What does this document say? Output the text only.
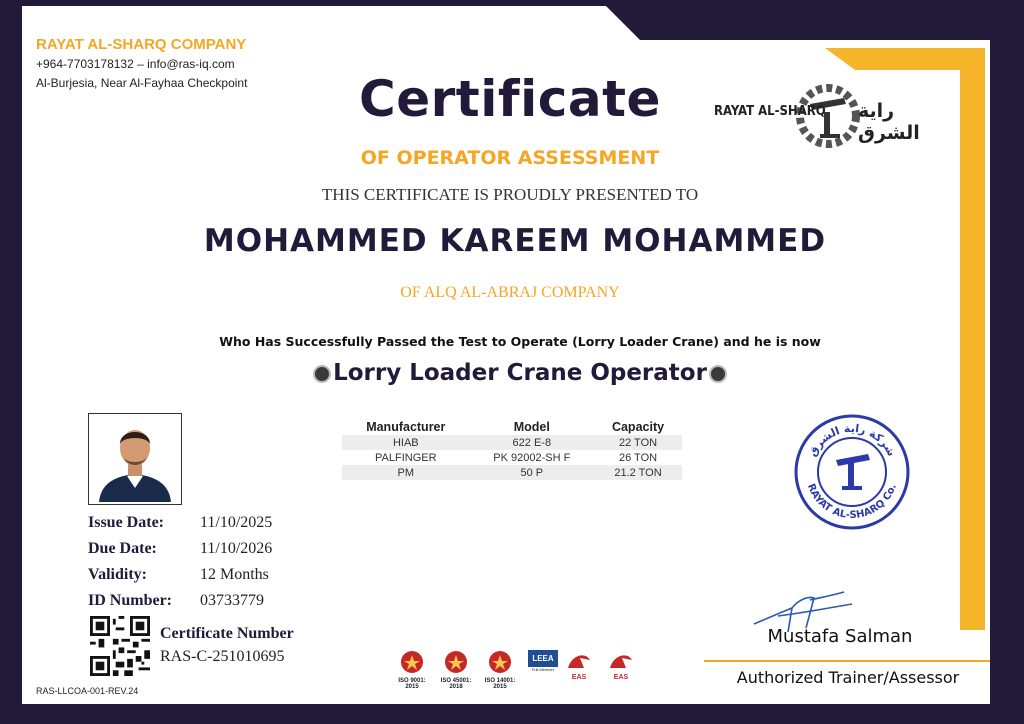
RAYAT AL-SHARQ COMPANY
+964-7703178132 – info@ras-iq.com
Al-Burjesia, Near Al-Fayhaa Checkpoint
RAYAT AL-SHARQ راية الشرق
Certificate
OF OPERATOR ASSESSMENT
THIS CERTIFICATE IS PROUDLY PRESENTED TO
MOHAMMED KAREEM MOHAMMED
OF ALQ AL-ABRAJ COMPANY
Who Has Successfully Passed the Test to Operate (Lorry Loader Crane) and he is now
Lorry Loader Crane Operator
Manufacturer	Model	Capacity
HIAB	622 E-8	22 TON
PALFINGER	PK 92002-SH F	26 TON
PM	50 P	21.2 TON
Issue Date: 11/10/2025
Due Date:	11/10/2026
Validity:	12 Months
ID Number: 03733779
Certificate Number
RAS-C-251010695
RAS-LLCOA-001-REV.24
ISO 9001:
2015
ISO 45001:
2018
ISO 14001:
2015
LEEA
Full Member
EAS	EAS
شركة راية الشرق
RAYAT AL-SHARQ Co.
Mustafa Salman
Authorized Trainer/Assessor
